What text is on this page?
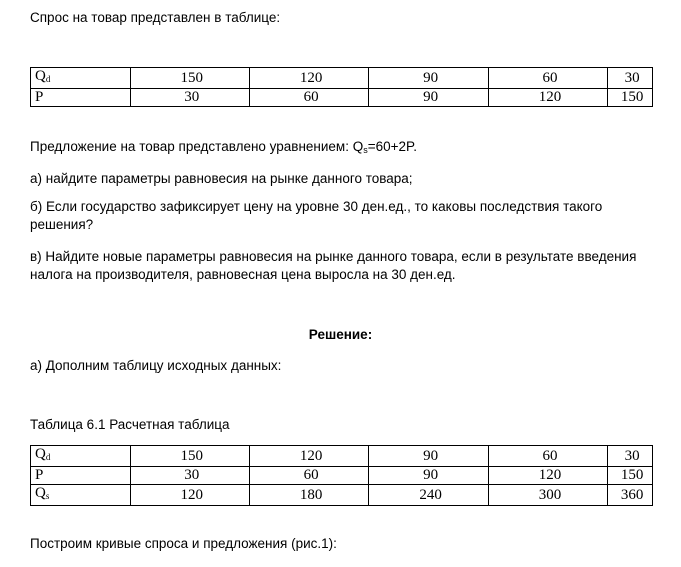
Спрос на товар представлен в таблице:

$Q_d$	150	120	90	60	30
P	30	60	90	120	150

Предложение на товар представлено уравнением: $Q_s=60+2P$.

а) найдите параметры равновесия на рынке данного товара;

б) Если государство зафиксирует цену на уровне 30 ден.ед., то каковы последствия такого

решения?

в) Найдите новые параметры равновесия на рынке данного товара, если в результате введения

налога на производителя, равновесная цена выросла на 30 ден.ед.

Решение:

а) Дополним таблицу исходных данных:

Таблица 6.1 Расчетная таблица

$Q_d$	150	120	90	60	30
P	30	60	90	120	150
$Q_s$	120	180	240	300	360

Построим кривые спроса и предложения (рис.1):
